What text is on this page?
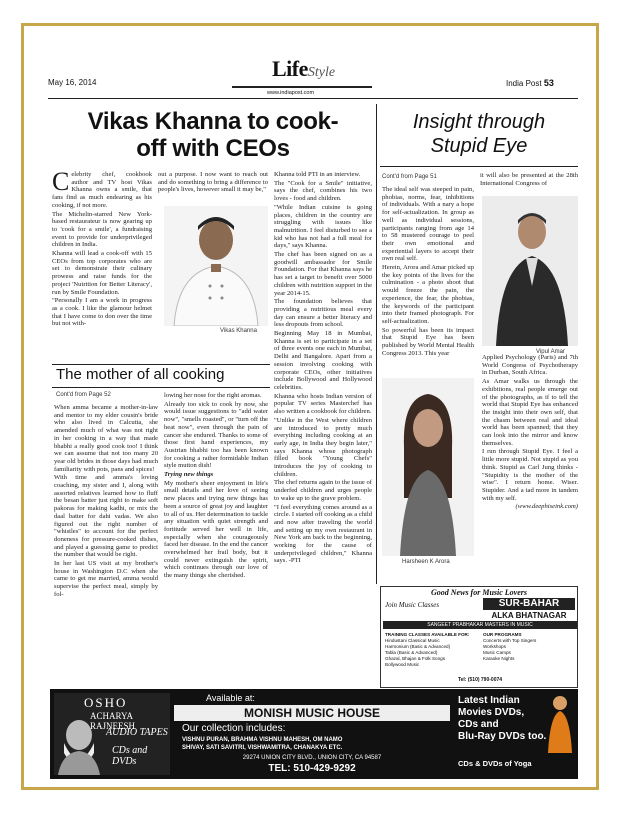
May 16, 2014
LifeStyle
www.indiapost.com
India Post 53
Vikas Khanna to cook-
off with CEOs

Celebrity chef, cookbook author and TV host Vikas Khanna owns a smile, that fans find as much endearing as his cooking, if not more.

The Michelin-starred New York-based restaurateur is now gearing up to 'cook for a smile', a fundraising event to provide for underprivileged children in India.

Khanna will lead a cook-off with 15 CEOs from top corporates who are set to demonstrate their culinary prowess and raise funds for the project 'Nutrition for Better Literacy', run by Smile Foundation.

"Personally I am a work in progress as a cook. I like the glamour helmet that I have come to don over the time but not with-

out a purpose. I now want to reach out and do something to bring a difference to people's lives, however small it may be,"

Vikas Khanna

Khanna told PTI in an interview.

The "Cook for a Smile" initiative, says the chef, combines his two loves - food and children.

"While Indian cuisine is going places, children in the country are struggling with issues like malnutrition. I feel disturbed to see a kid who has not had a full meal for days," says Khanna.

The chef has been signed on as a goodwill ambassador for Smile Foundation. For that Khanna says he has set a target to benefit over 5000 children with nutrition support in the year 2014-15.

The foundation believes that providing a nutritious meal every day can ensure a better literacy and less dropouts from school.

Beginning May 18 in Mumbai, Khanna is set to participate in a set of three events one each in Mumbai, Delhi and Bangalore. Apart from a session involving cooking with corporate CEOs, other initiatives include Bollywood and Hollywood celebrities.

Khanna who hosts Indian version of popular TV series Masterchef has also written a cookbook for children.

"Unlike in the West where children are introduced to pretty much everything including cooking at an early age, in India they begin later," says Khanna whose photograph filled book "Young Chefs" introduces the joy of cooking to children.

The chef returns again to the issue of underfed children and urges people to wake up to the grave problem.

"I feel everything comes around as a circle. I started off cooking as a child and now after traveling the world and setting up my own restaurant in New York am back to the beginning, working for the cause of underprivileged children," Khanna says. -PTI

The mother of all cooking
Cont'd from Page 52

When amma became a mother-in-law and mentor to my elder cousin's bride who also lived in Calcutta, she amended much of what was not right in her cooking in a way that made bhabhi a really good cook too! I think we can assume that not too many 20 year old brides in those days had much familiarity with pots, pans and spices!

With time and amma's loving coaching, my sister and I, along with assorted relatives learned how to fluff the besan batter just right to make soft pakoras for making kadhi, or mix the daal batter for dahi vadas. We also figured out the right number of "whistles" to account for the perfect doneness for pressure-cooked dishes, and played a guessing game to predict the number that would be right.

In her last US visit at my brother's house in Washington D.C when she came to get me married, amma would supervise the perfect meal, simply by fol-

lowing her nose for the right aromas.

Already too sick to cook by now, she would issue suggestions to "add water now", "smells roasted", or "turn off the heat now", even through the pain of cancer she endured. Thanks to some of those first hand experiences, my Austrian bhabhi too has been known for cooking a rather formidable Indian style mutton dish!

Trying new things

My mother's sheer enjoyment in life's small details and her love of seeing new places and trying new things has been a source of great joy and laughter to all of us. Her determination to tackle any situation with quiet strength and fortitude served her well in life, especially when she courageously faced her disease. In the end the cancer overwhelmed her frail body, but it could never extinguish the spirit, which continues through our love of the many things she cherished.

Insight through
Stupid Eye
Cont'd from Page 51

The ideal self was steeped in pain, phobias, norms, fear, inhibitions of individuals. With a nary a hope for self-actualization. In group as well as individual sessions, participants ranging from age 14 to 58 mustered courage to peel their own emotional and experiential layers to accept their own real self.

Herein, Arora and Amar picked up the key points of the lives for the culmination - a photo shoot that would freeze the pain, the experience, the fear, the phobias, the keywords of the participant into their framed photograph. For self-actualization.

So powerful has been its impact that Stupid Eye has been published by World Mental Health Congress 2013. This year

it will also be presented at the 28th International Congress of

Vipul Amar
Harsheen K Arora

Applied Psychology (Paris) and 7th World Congress of Psychotherapy in Durban, South Africa.

As Amar walks us through the exhibitions, real people emerge out of the photographs, as if to tell the world that Stupid Eye has enhanced the insight into their own self, that the chasm between real and ideal world has been spanned; that they can look into the mirror and know themselves.

I run through Stupid Eye. I feel a little more stupid. Not stupid as you think. Stupid as Carl Jung thinks - "Stupidity is the mother of the wise". I return home. Wiser. Stupider. And a tad more in tandem with my self.

(www.deephiseink.com)

Good News for Music Lovers
Join Music Classes	SUR-BAHAR
ALKA BHATNAGAR
SANGEET PRABHAKAR MASTERS IN MUSIC
TRAINING CLASSES AVAILABLE FOR:
Hindustani Classical Music
Harmonium (Basic & Advanced)
Tabla (Basic & Advanced)
Ghazal, Bhajan & Folk Songs
Bollywood Music
OUR PROGRAMS
Concerts with Top Singers
Workshops
Music Camps
Karaoke Nights
Tel: (510) 790-0074
OSHO
ACHARYA RAJNEESH
AUDIO TAPES
CDs and DVDs
Available at:
MONISH MUSIC HOUSE
Our collection includes:
VISHNU PURAN, BRAHMA VISHNU MAHESH, OM NAMO
SHIVAY, SATI SAVITRI, VISHWAMITRA, CHANAKYA ETC.
29274 UNION CITY BLVD., UNION CITY, CA 94587
TEL: 510-429-9292
Latest Indian
Movies DVDs,
CDs and
Blu-Ray DVDs too.
CDs & DVDs of Yoga
